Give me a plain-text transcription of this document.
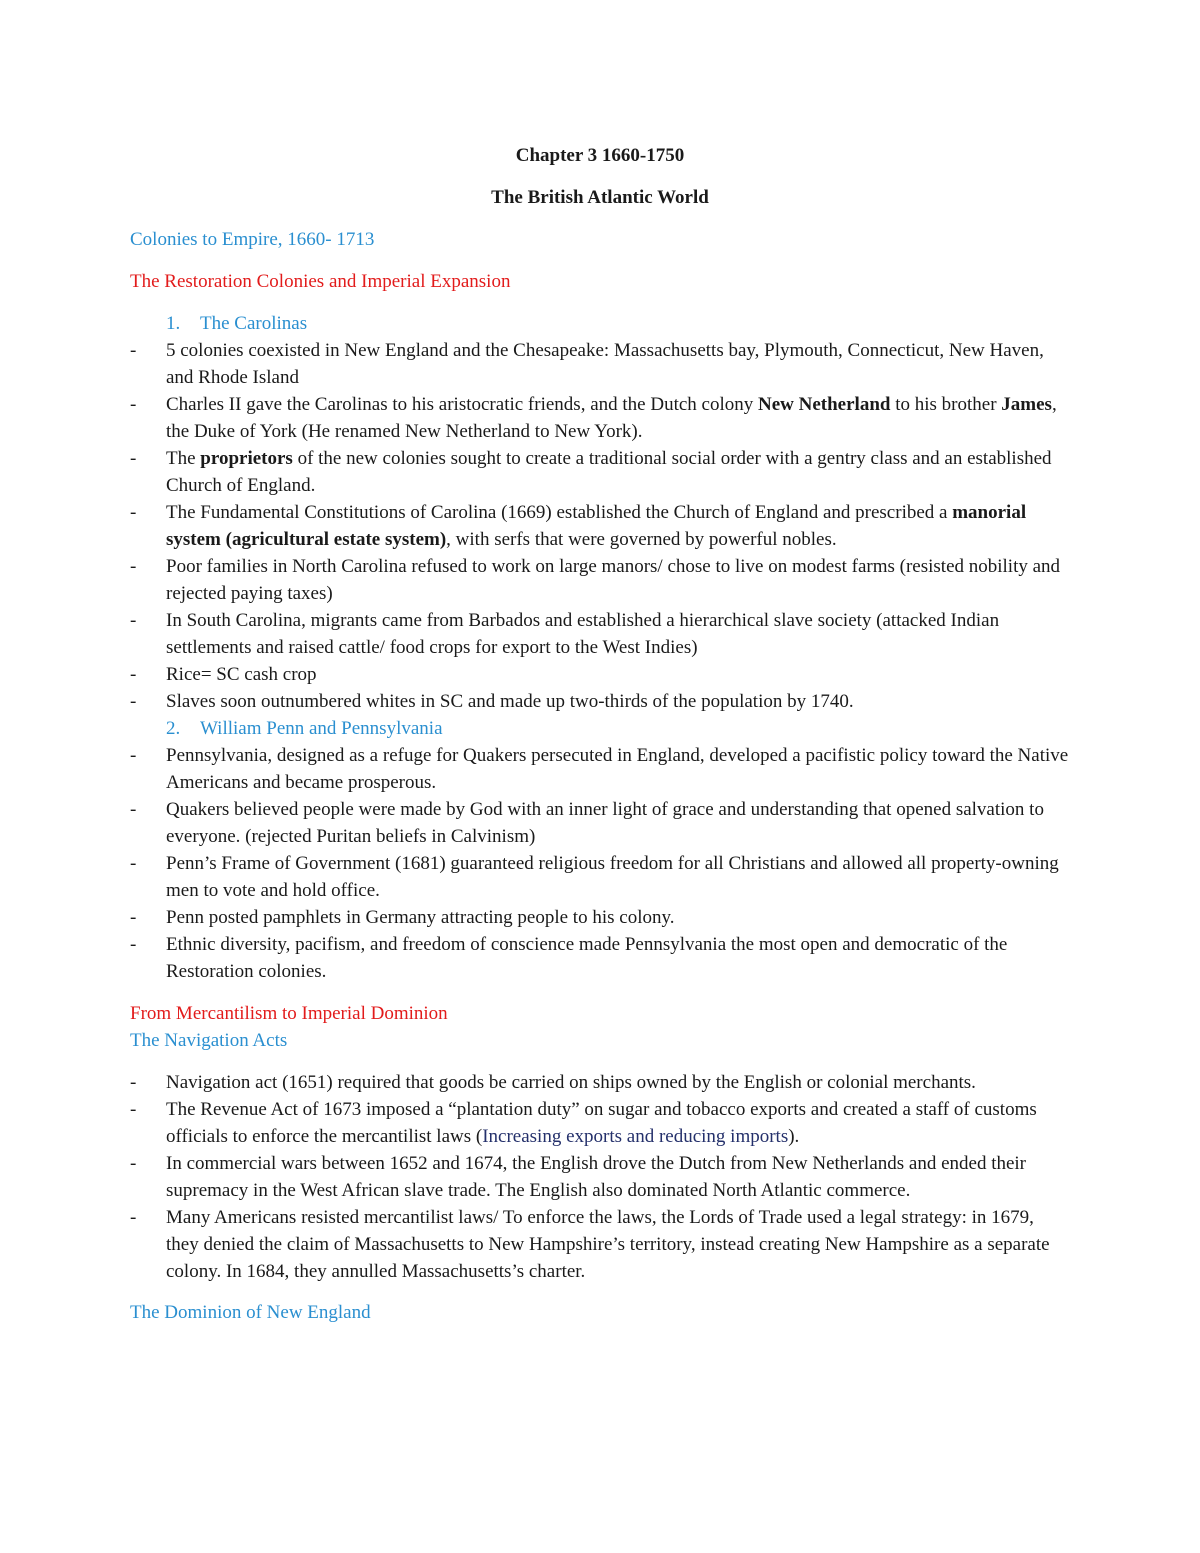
Chapter 3 1660-1750

The British Atlantic World

Colonies to Empire, 1660- 1713

The Restoration Colonies and Imperial Expansion

1. The Carolinas

- 5 colonies coexisted in New England and the Chesapeake: Massachusetts bay, Plymouth, Connecticut, New Haven, and Rhode Island
- Charles II gave the Carolinas to his aristocratic friends, and the Dutch colony New Netherland to his brother James, the Duke of York (He renamed New Netherland to New York).
- The proprietors of the new colonies sought to create a traditional social order with a gentry class and an established Church of England.
- The Fundamental Constitutions of Carolina (1669) established the Church of England and prescribed a manorial system (agricultural estate system), with serfs that were governed by powerful nobles.
- Poor families in North Carolina refused to work on large manors/ chose to live on modest farms (resisted nobility and rejected paying taxes)
- In South Carolina, migrants came from Barbados and established a hierarchical slave society (attacked Indian settlements and raised cattle/ food crops for export to the West Indies)
- Rice= SC cash crop
- Slaves soon outnumbered whites in SC and made up two-thirds of the population by 1740.

2. William Penn and Pennsylvania

- Pennsylvania, designed as a refuge for Quakers persecuted in England, developed a pacifistic policy toward the Native Americans and became prosperous.
- Quakers believed people were made by God with an inner light of grace and understanding that opened salvation to everyone. (rejected Puritan beliefs in Calvinism)
- Penn’s Frame of Government (1681) guaranteed religious freedom for all Christians and allowed all property-owning men to vote and hold office.
- Penn posted pamphlets in Germany attracting people to his colony.
- Ethnic diversity, pacifism, and freedom of conscience made Pennsylvania the most open and democratic of the Restoration colonies.

From Mercantilism to Imperial Dominion

The Navigation Acts

- Navigation act (1651) required that goods be carried on ships owned by the English or colonial merchants.
- The Revenue Act of 1673 imposed a “plantation duty” on sugar and tobacco exports and created a staff of customs officials to enforce the mercantilist laws (Increasing exports and reducing imports).
- In commercial wars between 1652 and 1674, the English drove the Dutch from New Netherlands and ended their supremacy in the West African slave trade. The English also dominated North Atlantic commerce.
- Many Americans resisted mercantilist laws/ To enforce the laws, the Lords of Trade used a legal strategy: in 1679, they denied the claim of Massachusetts to New Hampshire’s territory, instead creating New Hampshire as a separate colony. In 1684, they annulled Massachusetts’s charter.

The Dominion of New England
